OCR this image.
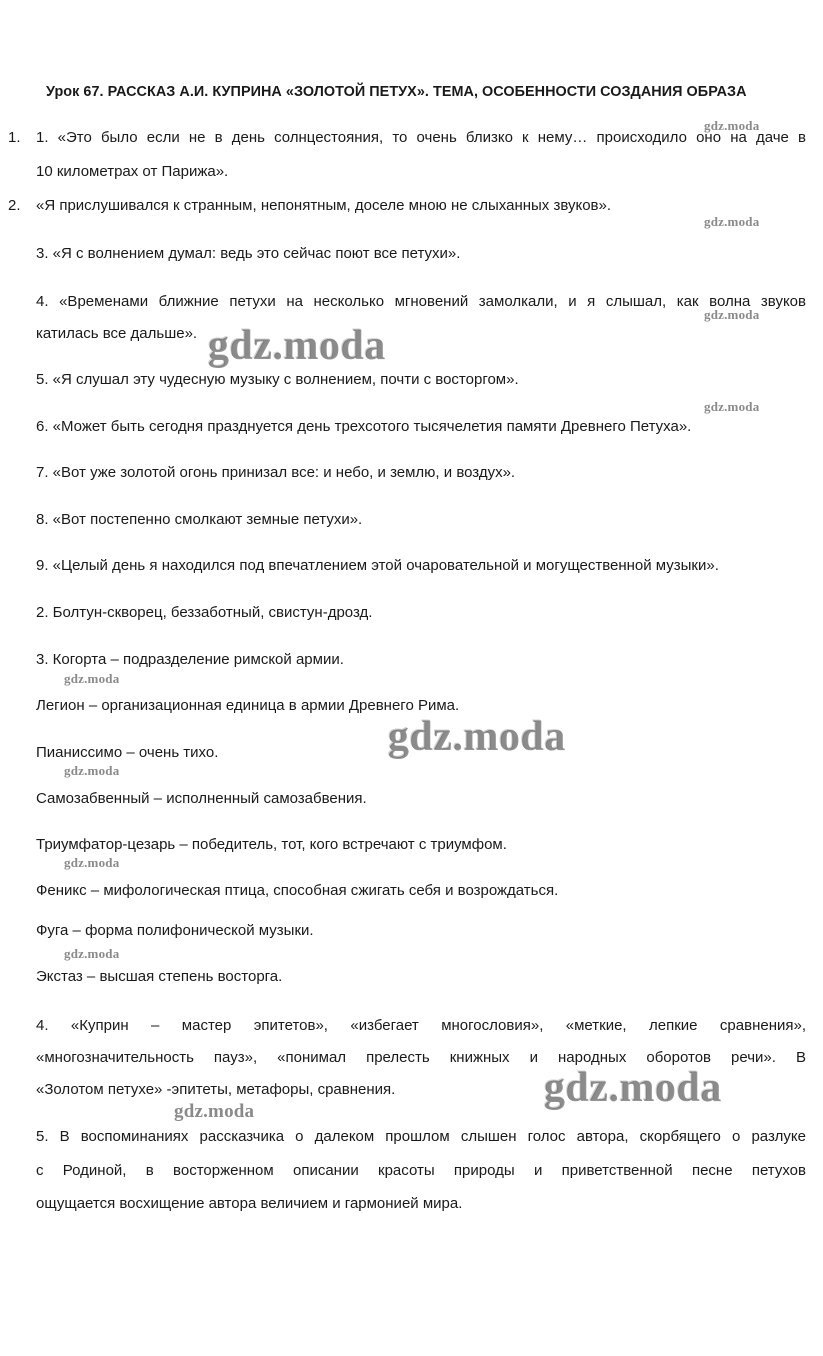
Урок 67. РАССКАЗ А.И. КУПРИНА «ЗОЛОТОЙ ПЕТУХ». ТЕМА, ОСОБЕННОСТИ СОЗДАНИЯ ОБРАЗА
1. 1. «Это было если не в день солнцестояния, то очень близко к нему… происходило оно на даче в
10 километрах от Парижа».
2. «Я прислушивался к странным, непонятным, доселе мною не слыханных звуков».
3. «Я с волнением думал: ведь это сейчас поют все петухи».
4. «Временами ближние петухи на несколько мгновений замолкали, и я слышал, как волна звуков
катилась все дальше».
5. «Я слушал эту чудесную музыку с волнением, почти с восторгом».
6. «Может быть сегодня празднуется день трехсотого тысячелетия памяти Древнего Петуха».
7. «Вот уже золотой огонь принизал все: и небо, и землю, и воздух».
8. «Вот постепенно смолкают земные петухи».
9. «Целый день я находился под впечатлением этой очаровательной и могущественной музыки».
2. Болтун-скворец, беззаботный, свистун-дрозд.
3. Когорта – подразделение римской армии.
Легион – организационная единица в армии Древнего Рима.
Пианиссимо – очень тихо.
Самозабвенный – исполненный самозабвения.
Триумфатор-цезарь – победитель, тот, кого встречают с триумфом.
Феникс – мифологическая птица, способная сжигать себя и возрождаться.
Фуга – форма полифонической музыки.
Экстаз – высшая степень восторга.
4. «Куприн – мастер эпитетов», «избегает многословия», «меткие, лепкие сравнения»,
«многозначительность пауз», «понимал прелесть книжных и народных оборотов речи». В
«Золотом петухе» -эпитеты, метафоры, сравнения.
5. В воспоминаниях рассказчика о далеком прошлом слышен голос автора, скорбящего о разлуке
с Родиной, в восторженном описании красоты природы и приветственной песне петухов
ощущается восхищение автора величием и гармонией мира.
gdz.moda
gdz.moda
gdz.moda
gdz.moda
gdz.moda
gdz.moda
gdz.moda
gdz.moda
gdz.moda
gdz.moda
gdz.moda
gdz.moda
